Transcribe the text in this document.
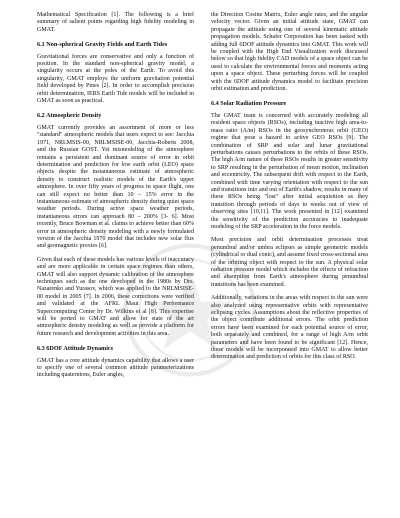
Mathematical Specification [1]. The following is a brief summary of salient points regarding high fidelity modeling in GMAT.

6.1 Non-spherical Gravity Fields and Earth Tides

Gravitational forces are conservative and only a function of position. In the standard non-spherical gravity model, a singularity occurs at the poles of the Earth. To avoid this singularity, GMAT employs the uniform gravitation potential field developed by Pines [2]. In order to accomplish precision orbit determination, IERS Earth Tide models will be included in GMAT as soon as practical.

6.2 Atmospheric Density

GMAT currently provides an assortment of more or less "standard" atmospheric models that users expect to see: Jacchia 1971, NRLMSIS-00, NRLMSISE-00, Jacchia-Roberts 2008, and the Russian GOST. Yet mismodeling of the atmosphere remains a persistent and dominant source of error in orbit determination and prediction for low earth orbit (LEO) space objects despite the instantaneous estimate of atmospheric density to construct realistic models of the Earth's upper atmosphere. In over fifty years of progress in space flight, one can still expect no better than 10 – 15% error in the instantaneous estimate of atmospheric density during quiet space weather periods. During active space weather periods, instantaneous errors can approach 80 – 200% [3- 6]. Most recently, Bruce Bowman et al. claims to achieve better than 60% error in atmospheric density modeling with a newly formulated version of the Jacchia 1970 model that includes new solar flux and geomagnetic proxies [6].

Given that each of these models has various levels of inaccuracy and are more applicable in certain space regimes than others, GMAT will also support dynamic calibration of the atmosphere techniques such as the one developed in the 1980s by Drs. Nazarenko and Yurasov, which was applied to the NRLMSISE-00 model in 2005 [7]. In 2006, these corrections were verified and validated at the AFRL Maui High Performance Supercomputing Center by Dr. Wilkins et al [8]. This expertise will be ported to GMAT and allow for state of the art atmospheric density modeling as well as provide a platform for future research and development activities in this area.

6.3 6DOF Attitude Dynamics

GMAT has a core attitude dynamics capability that allows a user to specify one of several common attitude parameterizations including quaternions, Euler angles,

the Direction Cosine Matrix, Euler angle rates, and the angular velocity vector. Given an initial attitude state, GMAT can propagate the attitude using one of several kinematic attitude propagation models. Schafer Corporation has been tasked with adding full 6DOF attitude dynamics into GMAT. This work will be coupled with the High End Visualization work discussed below so that high fidelity CAD models of a space object can be used to calculate the environmental forces and moments acting upon a space object. These perturbing forces will be coupled with the 6DOF attitude dynamics model to facilitate precision orbit estimation and prediction.

6.4 Solar Radiation Pressure

The GMAT team is concerned with accurately modeling all resident space objects (RSOs), including inactive high area-to-mass ratio (A/m) RSOs in the geosynchronous orbit (GEO) regime that pose a hazard to active GEO RSOs [9]. The combination of SRP and solar and lunar gravitational perturbations causes perturbations to the orbits of these RSOs. The high A/m nature of these RSOs results in greater sensitivity to SRP resulting in the perturbation of mean motion, inclination and eccentricity. The subsequent drift with respect to the Earth, combined with time varying orientation with respect to the sun and transitions into and out of Earth's shadow, results in many of these RSOs being "lost" after initial acquisition as they transition through periods of days to weeks out of view of observing sites [10,11]. The work presented in [12] examined the sensitivity of the prediction accuracies to inadequate modeling of the SRP acceleration in the force models.

Most precision and orbit determination processes treat penumbral and/or umbra eclipses as simple geometric models (cylindrical or dual conic), and assume fixed cross-sectional area of the orbiting object with respect to the sun. A physical solar radiation pressure model which includes the effects of refraction and absorption from Earth's atmosphere during penumbral transitions has been examined.

Additionally, variations in the areas with respect to the sun were also analyzed using representative orbits with representative eclipsing cycles. Assumptions about the reflective properties of the object contribute additional errors. The orbit prediction errors have been examined for each potential source of error, both separately and combined, for a range of high A/m orbit parameters and have been found to be significant [12]. Hence, these models will be incorporated into GMAT to allow better determination and prediction of orbits for this class of RSO.
